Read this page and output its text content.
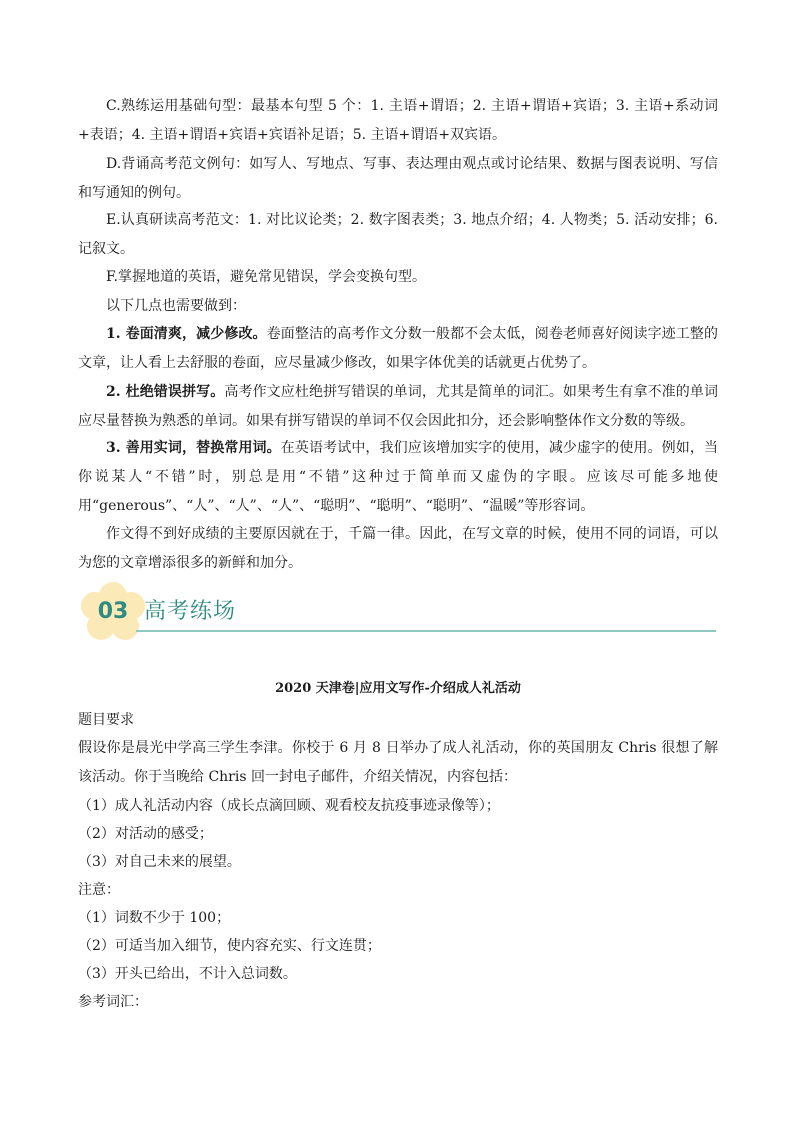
C.熟练运用基础句型：最基本句型 5 个：1. 主语+谓语；2. 主语+谓语+宾语；3. 主语+系动词+表语；4. 主语+谓语+宾语+宾语补足语；5. 主语+谓语+双宾语。

D.背诵高考范文例句：如写人、写地点、写事、表达理由观点或讨论结果、数据与图表说明、写信和写通知的例句。

E.认真研读高考范文：1. 对比议论类；2. 数字图表类；3. 地点介绍；4. 人物类；5. 活动安排；6. 记叙文。

F.掌握地道的英语，避免常见错误，学会变换句型。

以下几点也需要做到：

1. 卷面清爽，减少修改。卷面整洁的高考作文分数一般都不会太低，阅卷老师喜好阅读字迹工整的文章，让人看上去舒服的卷面，应尽量减少修改，如果字体优美的话就更占优势了。

2. 杜绝错误拼写。高考作文应杜绝拼写错误的单词，尤其是简单的词汇。如果考生有拿不准的单词应尽量替换为熟悉的单词。如果有拼写错误的单词不仅会因此扣分，还会影响整体作文分数的等级。

3. 善用实词，替换常用词。在英语考试中，我们应该增加实字的使用，减少虚字的使用。例如，当你说某人“不错”时，别总是用“不错”这种过于简单而又虚伪的字眼。应该尽可能多地使用“generous”、“人”、“人”、“人”、“聪明”、“聪明”、“聪明”、“温暖”等形容词。

作文得不到好成绩的主要原因就在于，千篇一律。因此，在写文章的时候，使用不同的词语，可以为您的文章增添很多的新鲜和加分。

03 高考练场
2020 天津卷|应用文写作-介绍成人礼活动

题目要求

假设你是晨光中学高三学生李津。你校于 6 月 8 日举办了成人礼活动，你的英国朋友 Chris 很想了解该活动。你于当晚给 Chris 回一封电子邮件，介绍关情况，内容包括：

（1）成人礼活动内容（成长点滴回顾、观看校友抗疫事迹录像等）；

（2）对活动的感受；

（3）对自己未来的展望。

注意：

（1）词数不少于 100；

（2）可适当加入细节，使内容充实、行文连贯；

（3）开头已给出，不计入总词数。

参考词汇：
